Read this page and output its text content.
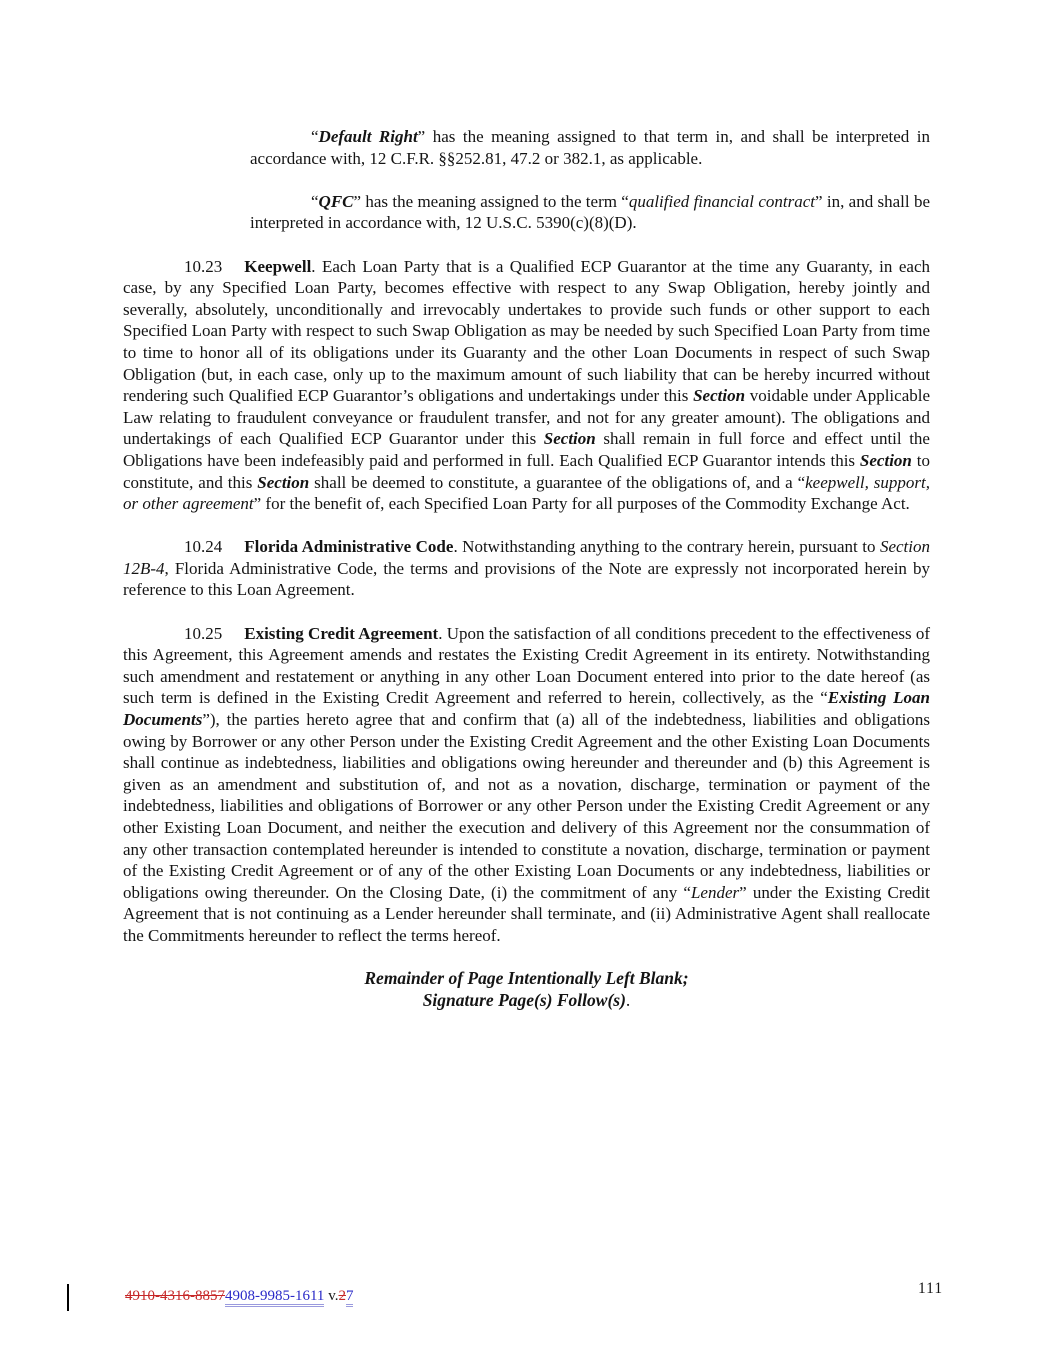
“Default Right” has the meaning assigned to that term in, and shall be interpreted in accordance with, 12 C.F.R. §§252.81, 47.2 or 382.1, as applicable.

“QFC” has the meaning assigned to the term “qualified financial contract” in, and shall be interpreted in accordance with, 12 U.S.C. 5390(c)(8)(D).

10.23 Keepwell. Each Loan Party that is a Qualified ECP Guarantor at the time any Guaranty, in each case, by any Specified Loan Party, becomes effective with respect to any Swap Obligation, hereby jointly and severally, absolutely, unconditionally and irrevocably undertakes to provide such funds or other support to each Specified Loan Party with respect to such Swap Obligation as may be needed by such Specified Loan Party from time to time to honor all of its obligations under its Guaranty and the other Loan Documents in respect of such Swap Obligation (but, in each case, only up to the maximum amount of such liability that can be hereby incurred without rendering such Qualified ECP Guarantor’s obligations and undertakings under this Section voidable under Applicable Law relating to fraudulent conveyance or fraudulent transfer, and not for any greater amount). The obligations and undertakings of each Qualified ECP Guarantor under this Section shall remain in full force and effect until the Obligations have been indefeasibly paid and performed in full. Each Qualified ECP Guarantor intends this Section to constitute, and this Section shall be deemed to constitute, a guarantee of the obligations of, and a “keepwell, support, or other agreement” for the benefit of, each Specified Loan Party for all purposes of the Commodity Exchange Act.

10.24 Florida Administrative Code. Notwithstanding anything to the contrary herein, pursuant to Section 12B-4, Florida Administrative Code, the terms and provisions of the Note are expressly not incorporated herein by reference to this Loan Agreement.

10.25 Existing Credit Agreement. Upon the satisfaction of all conditions precedent to the effectiveness of this Agreement, this Agreement amends and restates the Existing Credit Agreement in its entirety. Notwithstanding such amendment and restatement or anything in any other Loan Document entered into prior to the date hereof (as such term is defined in the Existing Credit Agreement and referred to herein, collectively, as the “Existing Loan Documents”), the parties hereto agree that and confirm that (a) all of the indebtedness, liabilities and obligations owing by Borrower or any other Person under the Existing Credit Agreement and the other Existing Loan Documents shall continue as indebtedness, liabilities and obligations owing hereunder and thereunder and (b) this Agreement is given as an amendment and substitution of, and not as a novation, discharge, termination or payment of the indebtedness, liabilities and obligations of Borrower or any other Person under the Existing Credit Agreement or any other Existing Loan Document, and neither the execution and delivery of this Agreement nor the consummation of any other transaction contemplated hereunder is intended to constitute a novation, discharge, termination or payment of the Existing Credit Agreement or of any of the other Existing Loan Documents or any indebtedness, liabilities or obligations owing thereunder. On the Closing Date, (i) the commitment of any “Lender” under the Existing Credit Agreement that is not continuing as a Lender hereunder shall terminate, and (ii) Administrative Agent shall reallocate the Commitments hereunder to reflect the terms hereof.

Remainder of Page Intentionally Left Blank;

Signature Page(s) Follow(s).

4910-4316-88574908-9985-1611 v.27	111
